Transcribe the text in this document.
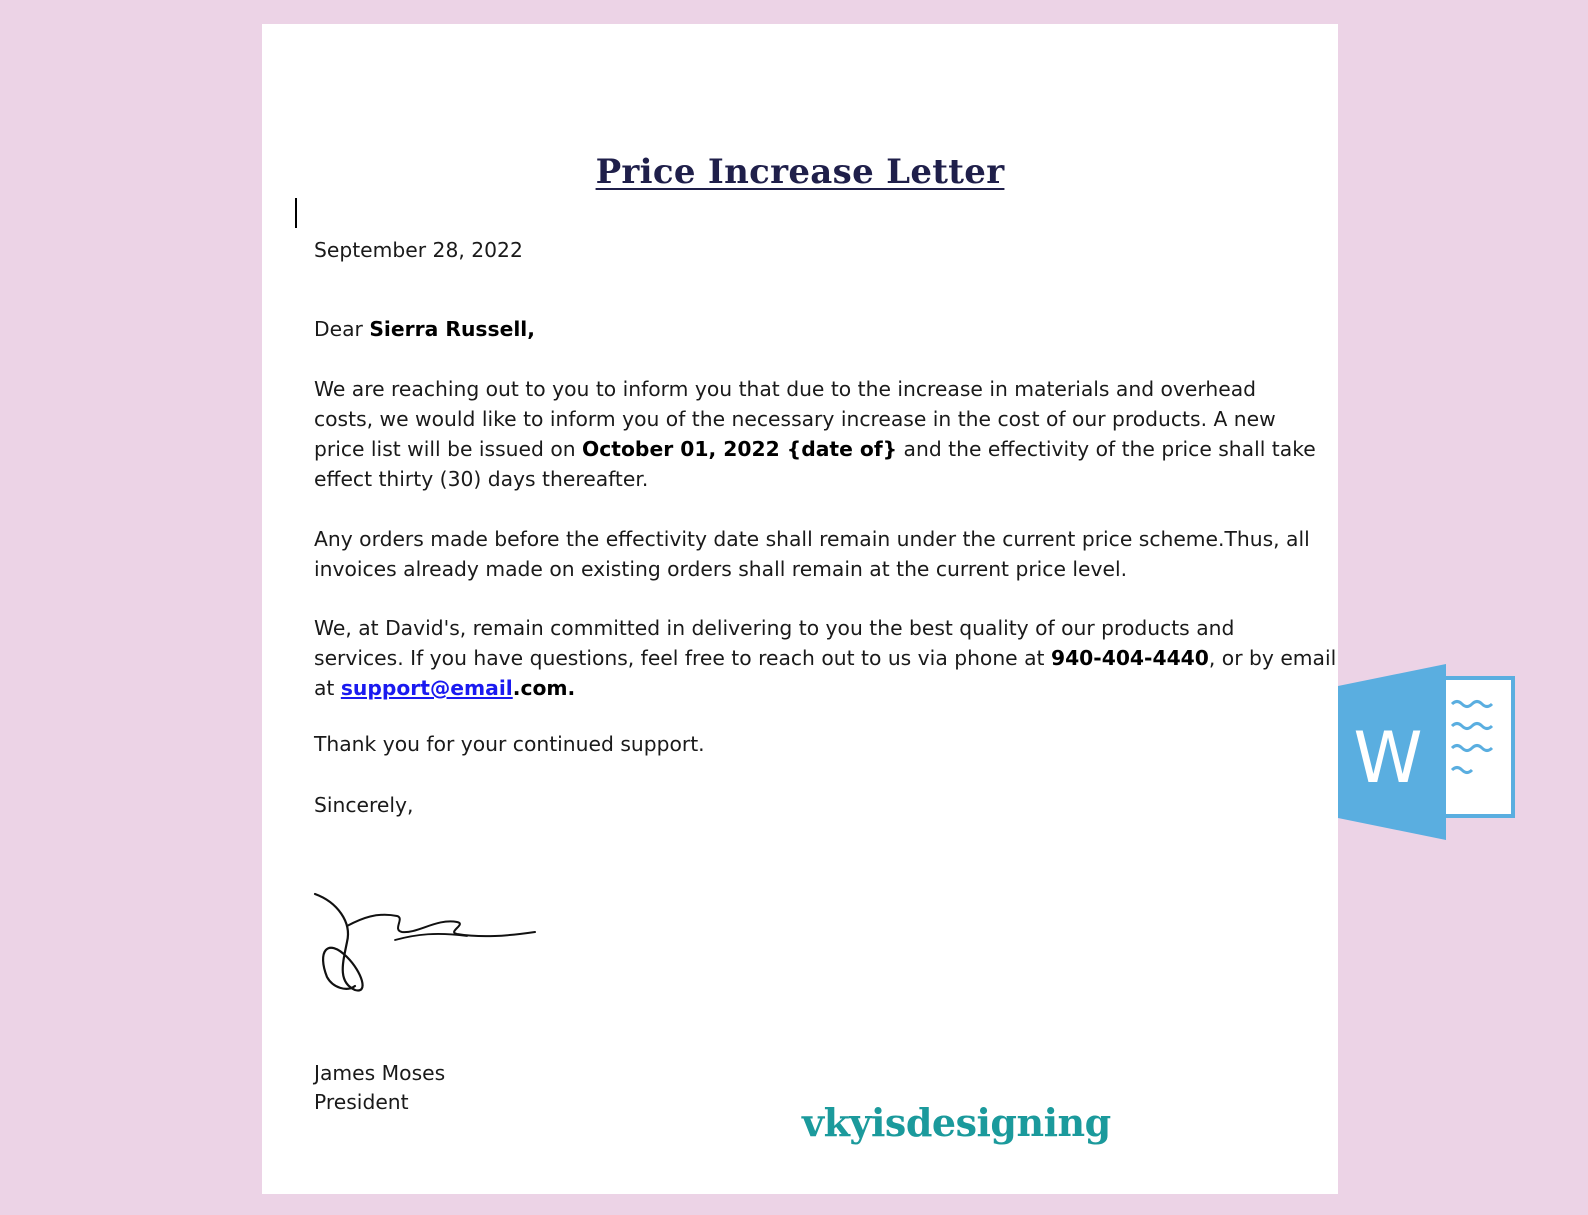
Price Increase Letter
September 28, 2022
Dear Sierra Russell,
We are reaching out to you to inform you that due to the increase in materials and overhead
costs, we would like to inform you of the necessary increase in the cost of our products. A new
price list will be issued on October 01, 2022 {date of} and the effectivity of the price shall take
effect thirty (30) days thereafter.
Any orders made before the effectivity date shall remain under the current price scheme.Thus, all
invoices already made on existing orders shall remain at the current price level.
We, at David's, remain committed in delivering to you the best quality of our products and
services. If you have questions, feel free to reach out to us via phone at 940-404-4440, or by email
at support@email.com.
Thank you for your continued support.
Sincerely,
James Moses
President	vkyisdesigning
W
